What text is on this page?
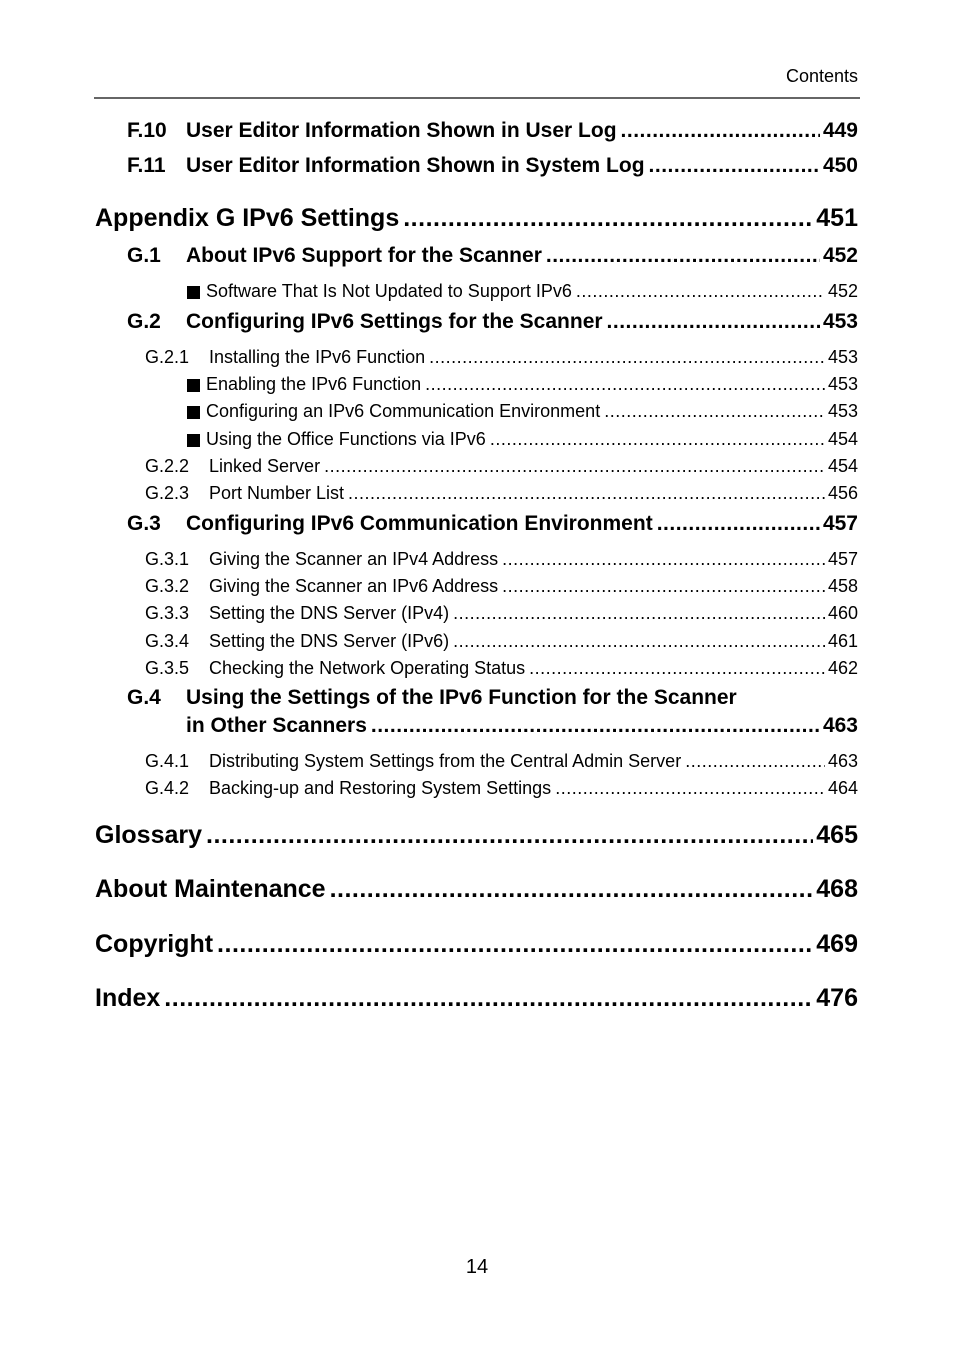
Contents
F.10 User Editor Information Shown in User Log .....	449
F.11 User Editor Information Shown in System Log .....	450
Appendix G IPv6 Settings .....	451
G.1	About IPv6 Support for the Scanner .....	452
Software That Is Not Updated to Support IPv6 .....	452
G.2	Configuring IPv6 Settings for the Scanner .....	453
G.2.1	Installing the IPv6 Function .....	453
Enabling the IPv6 Function .....	453
Configuring an IPv6 Communication Environment .....	453
Using the Office Functions via IPv6 .....	454
G.2.2	Linked Server .....	454
G.2.3	Port Number List .....	456
G.3	Configuring IPv6 Communication Environment .....	457
G.3.1	Giving the Scanner an IPv4 Address .....	457
G.3.2	Giving the Scanner an IPv6 Address .....	458
G.3.3	Setting the DNS Server (IPv4) .....	460
G.3.4	Setting the DNS Server (IPv6) .....	461
G.3.5	Checking the Network Operating Status .....	462
G.4 Using the Settings of the IPv6 Function for the Scanner
in Other Scanners .....	463
G.4.1	Distributing System Settings from the Central Admin Server .....	463
G.4.2	Backing-up and Restoring System Settings .....	464
Glossary .....	465
About Maintenance .....	468
Copyright .....	469
Index .....	476
14
